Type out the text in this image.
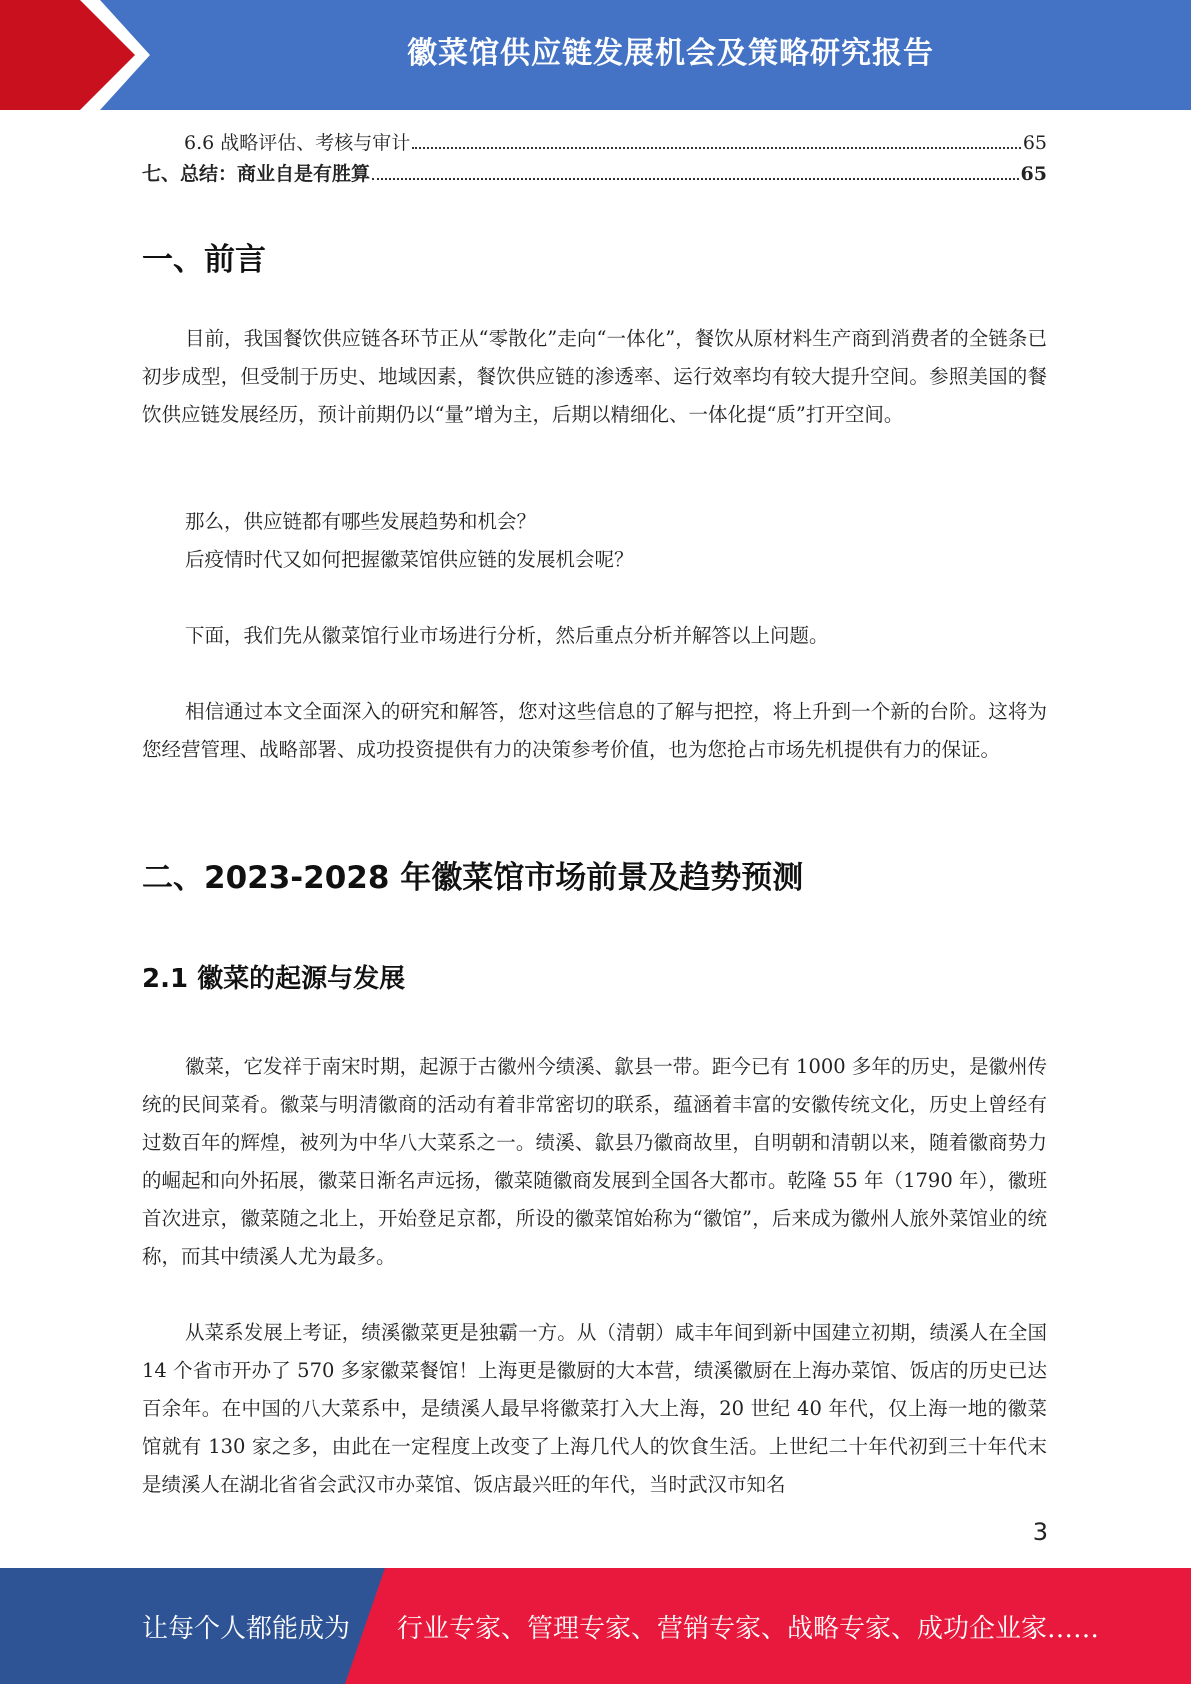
徽菜馆供应链发展机会及策略研究报告
6.6 战略评估、考核与审计	65
七、总结：商业自是有胜算	65
一、前言

目前，我国餐饮供应链各环节正从“零散化”走向“一体化”，餐饮从原材料生产商到消费者的全链条已初步成型，但受制于历史、地域因素，餐饮供应链的渗透率、运行效率均有较大提升空间。参照美国的餐饮供应链发展经历，预计前期仍以“量”增为主，后期以精细化、一体化提“质”打开空间。

那么，供应链都有哪些发展趋势和机会？

后疫情时代又如何把握徽菜馆供应链的发展机会呢？

下面，我们先从徽菜馆行业市场进行分析，然后重点分析并解答以上问题。

相信通过本文全面深入的研究和解答，您对这些信息的了解与把控，将上升到一个新的台阶。这将为您经营管理、战略部署、成功投资提供有力的决策参考价值，也为您抢占市场先机提供有力的保证。

二、2023-2028 年徽菜馆市场前景及趋势预测
2.1 徽菜的起源与发展

徽菜，它发祥于南宋时期，起源于古徽州今绩溪、歙县一带。距今已有 1000 多年的历史，是徽州传统的民间菜肴。徽菜与明清徽商的活动有着非常密切的联系，蕴涵着丰富的安徽传统文化，历史上曾经有过数百年的辉煌，被列为中华八大菜系之一。绩溪、歙县乃徽商故里，自明朝和清朝以来，随着徽商势力的崛起和向外拓展，徽菜日渐名声远扬，徽菜随徽商发展到全国各大都市。乾隆 55 年（1790 年），徽班首次进京，徽菜随之北上，开始登足京都，所设的徽菜馆始称为“徽馆”，后来成为徽州人旅外菜馆业的统称，而其中绩溪人尤为最多。

从菜系发展上考证，绩溪徽菜更是独霸一方。从（清朝）咸丰年间到新中国建立初期，绩溪人在全国 14 个省市开办了 570 多家徽菜餐馆！上海更是徽厨的大本营，绩溪徽厨在上海办菜馆、饭店的历史已达百余年。在中国的八大菜系中，是绩溪人最早将徽菜打入大上海，20 世纪 40 年代，仅上海一地的徽菜馆就有 130 家之多，由此在一定程度上改变了上海几代人的饮食生活。上世纪二十年代初到三十年代末是绩溪人在湖北省省会武汉市办菜馆、饭店最兴旺的年代，当时武汉市知名

3
让每个人都能成为 行业专家、管理专家、营销专家、战略专家、成功企业家……
